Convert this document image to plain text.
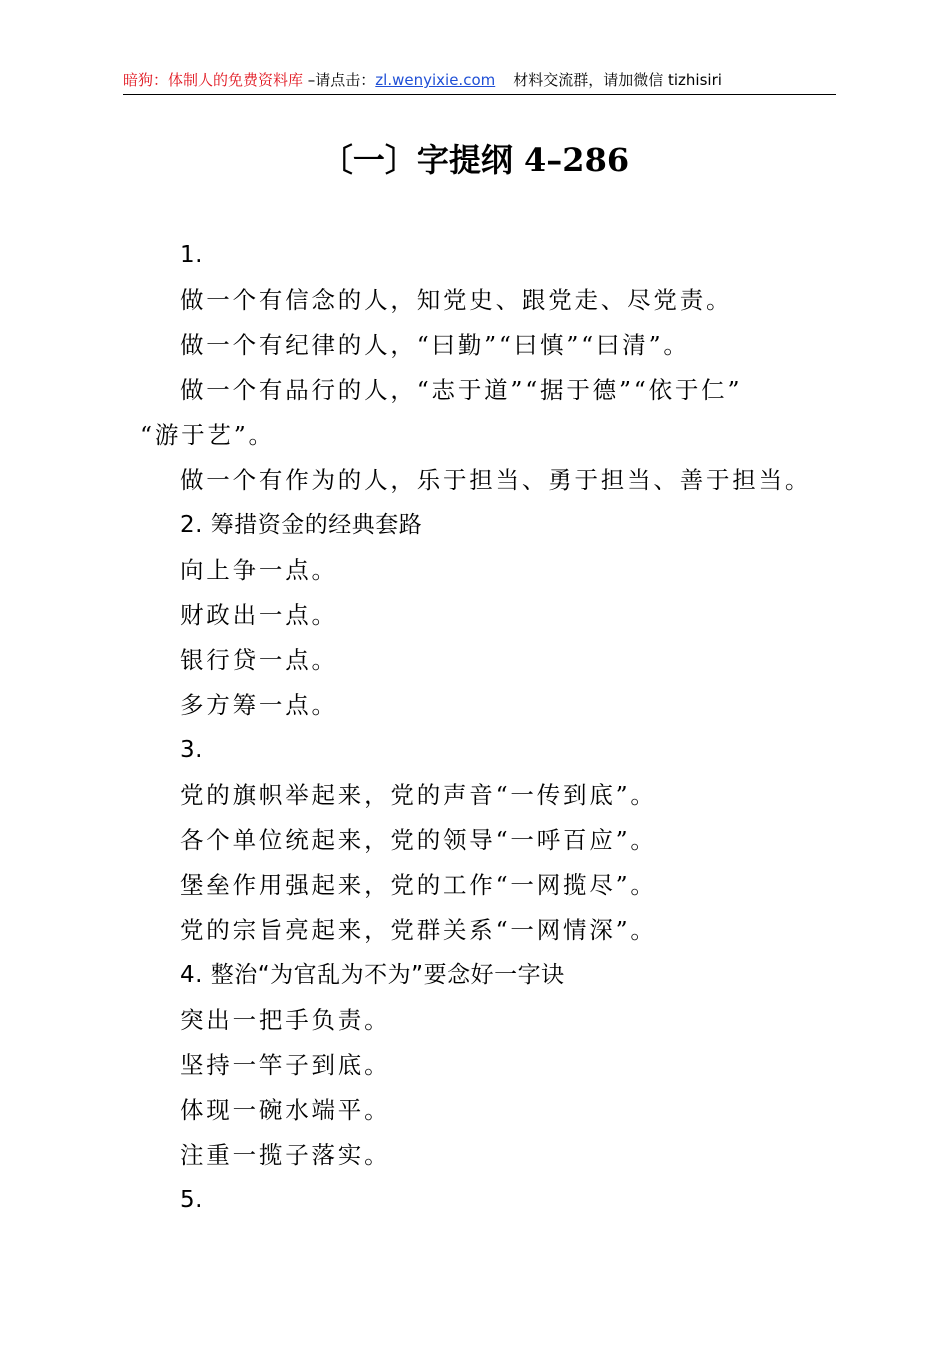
暗狗：体制人的免费资料库 –请点击：zl.wenyixie.com 材料交流群，请加微信 tizhisiri
〔一〕字提纲 4–286
1.
做一个有信念的人，知党史、跟党走、尽党责。
做一个有纪律的人，“曰勤”“曰慎”“曰清”。
做一个有品行的人，“志于道”“据于德”“依于仁”
“游于艺”。
做一个有作为的人，乐于担当、勇于担当、善于担当。
2. 筹措资金的经典套路
向上争一点。
财政出一点。
银行贷一点。
多方筹一点。
3.
党的旗帜举起来，党的声音“一传到底”。
各个单位统起来，党的领导“一呼百应”。
堡垒作用强起来，党的工作“一网揽尽”。
党的宗旨亮起来，党群关系“一网情深”。
4. 整治“为官乱为不为”要念好一字诀
突出一把手负责。
坚持一竿子到底。
体现一碗水端平。
注重一揽子落实。
5.
